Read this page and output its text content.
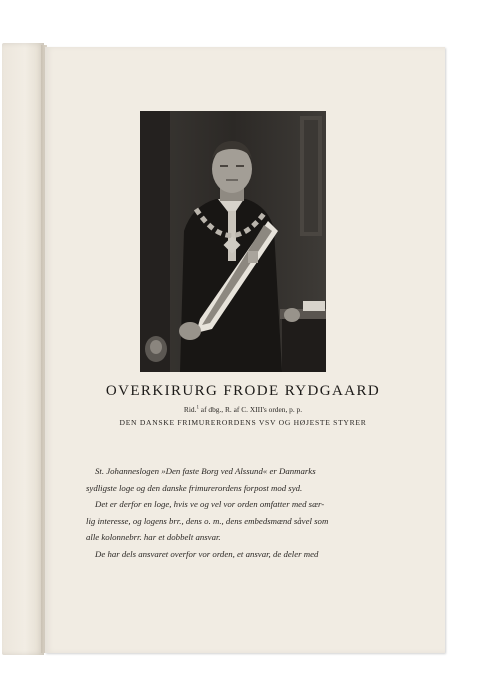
OVERKIRURG FRODE RYDGAARD
Rid.$^1$ af dbg., R. af C. XIII's orden, p. p.
DEN DANSKE FRIMURERORDENS VSV OG HØJESTE STYRER
St. Johanneslogen »Den faste Borg ved Alssund« er Danmarks
sydligste loge og den danske frimurerordens forpost mod syd.
Det er derfor en loge, hvis ve og vel vor orden omfatter med sær-
lig interesse, og logens brr., dens o. m., dens embedsmænd såvel som
alle kolonnebrr. har et dobbelt ansvar.
De har dels ansvaret overfor vor orden, et ansvar, de deler med
